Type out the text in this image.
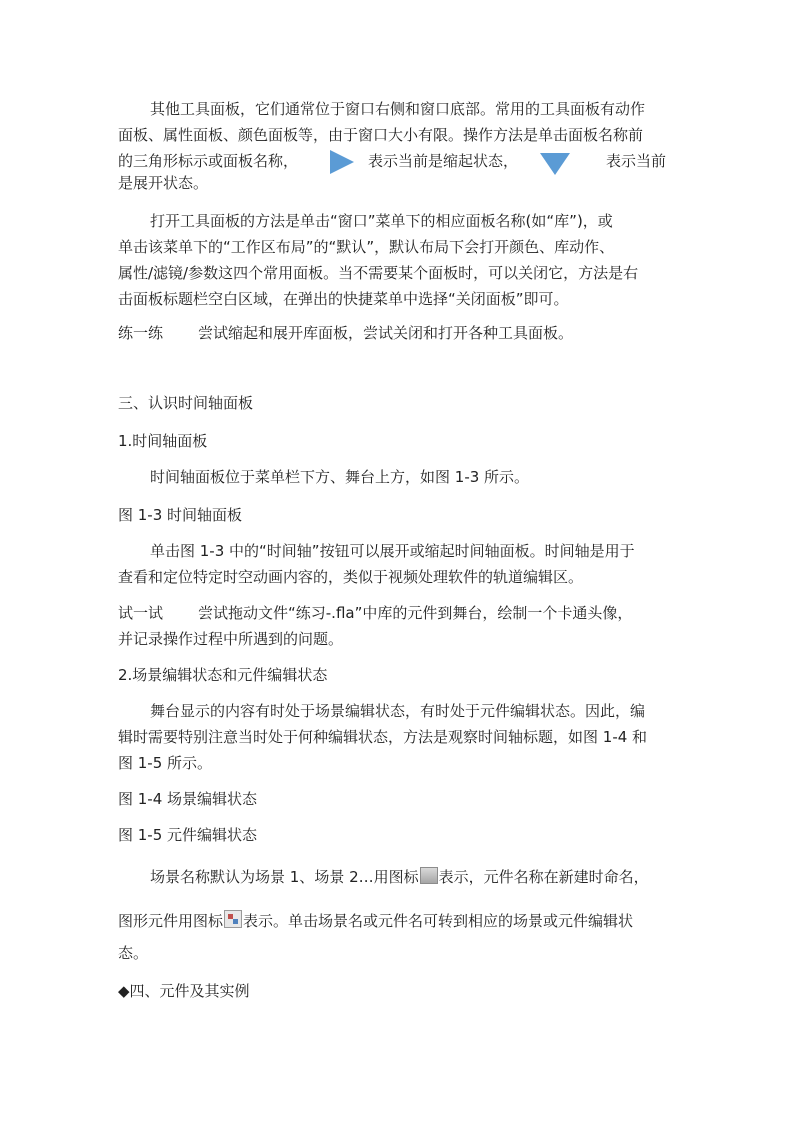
其他工具面板，它们通常位于窗口右侧和窗口底部。常用的工具面板有动作
面板、属性面板、颜色面板等，由于窗口大小有限。操作方法是单击面板名称前
的三角形标示或面板名称，	表示当前是缩起状态，	表示当前
是展开状态。
打开工具面板的方法是单击“窗口”菜单下的相应面板名称(如“库”)，或
单击该菜单下的“工作区布局”的“默认”，默认布局下会打开颜色、库动作、
属性/滤镜/参数这四个常用面板。当不需要某个面板时，可以关闭它，方法是右
击面板标题栏空白区域，在弹出的快捷菜单中选择“关闭面板”即可。
练一练 尝试缩起和展开库面板，尝试关闭和打开各种工具面板。
三、认识时间轴面板
1.时间轴面板
时间轴面板位于菜单栏下方、舞台上方，如图 1-3 所示。
图 1-3 时间轴面板
单击图 1-3 中的“时间轴”按钮可以展开或缩起时间轴面板。时间轴是用于
查看和定位特定时空动画内容的，类似于视频处理软件的轨道编辑区。
试一试 尝试拖动文件“练习-.fla”中库的元件到舞台，绘制一个卡通头像，
并记录操作过程中所遇到的问题。
2.场景编辑状态和元件编辑状态
舞台显示的内容有时处于场景编辑状态，有时处于元件编辑状态。因此，编
辑时需要特别注意当时处于何种编辑状态，方法是观察时间轴标题，如图 1-4 和
图 1-5 所示。
图 1-4 场景编辑状态
图 1-5 元件编辑状态
场景名称默认为场景 1、场景 2…用图标 表示，元件名称在新建时命名，
图形元件用图标 表示。单击场景名或元件名可转到相应的场景或元件编辑状
态。
◆四、元件及其实例
